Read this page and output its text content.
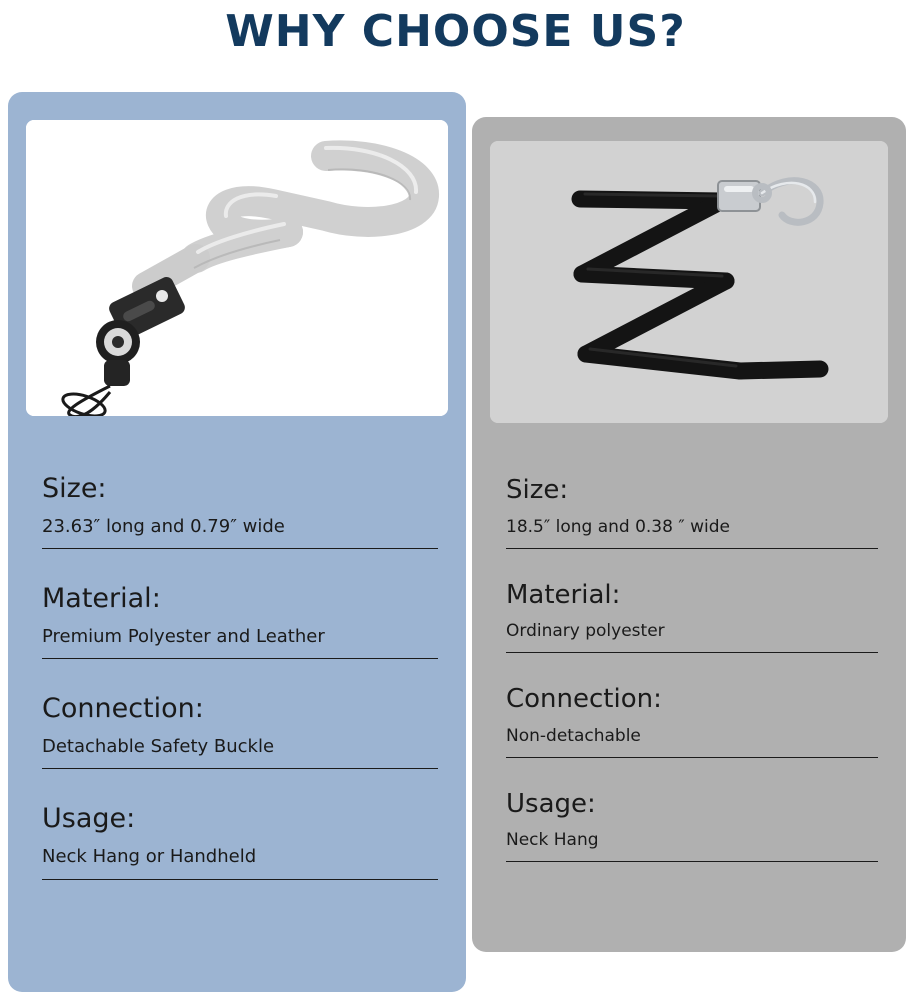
WHY CHOOSE US?
Size:
18.5″ long and 0.38 ″ wide
Material:
Ordinary polyester
Connection:
Non-detachable
Usage:
Neck Hang
Size:
23.63″ long and 0.79″ wide
Material:
Premium Polyester and Leather
Connection:
Detachable Safety Buckle
Usage:
Neck Hang or Handheld
